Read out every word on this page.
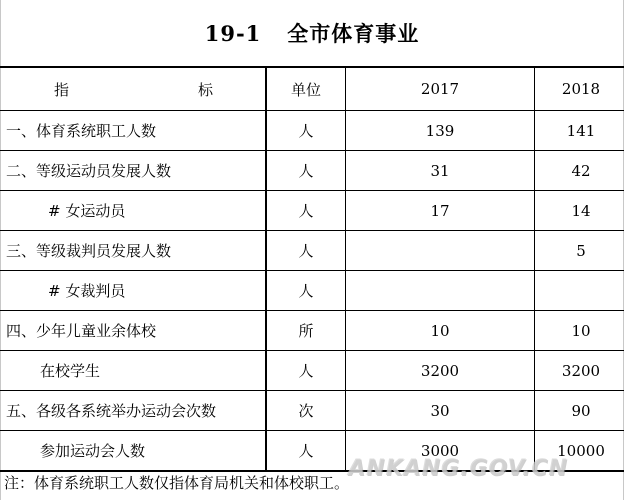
19-1 全市体育事业
指 标	单位	2017	2018
一、体育系统职工人数	人	139	141
二、等级运动员发展人数	人	31	42
# 女运动员	人	17	14
三、等级裁判员发展人数	人		5
# 女裁判员	人		
四、少年儿童业余体校	所	10	10
在校学生	人	3200	3200
五、各级各系统举办运动会次数	次	30	90
参加运动会人数	人	3000	10000
ANKANG.GOV.CN
注：体育系统职工人数仅指体育局机关和体校职工。
